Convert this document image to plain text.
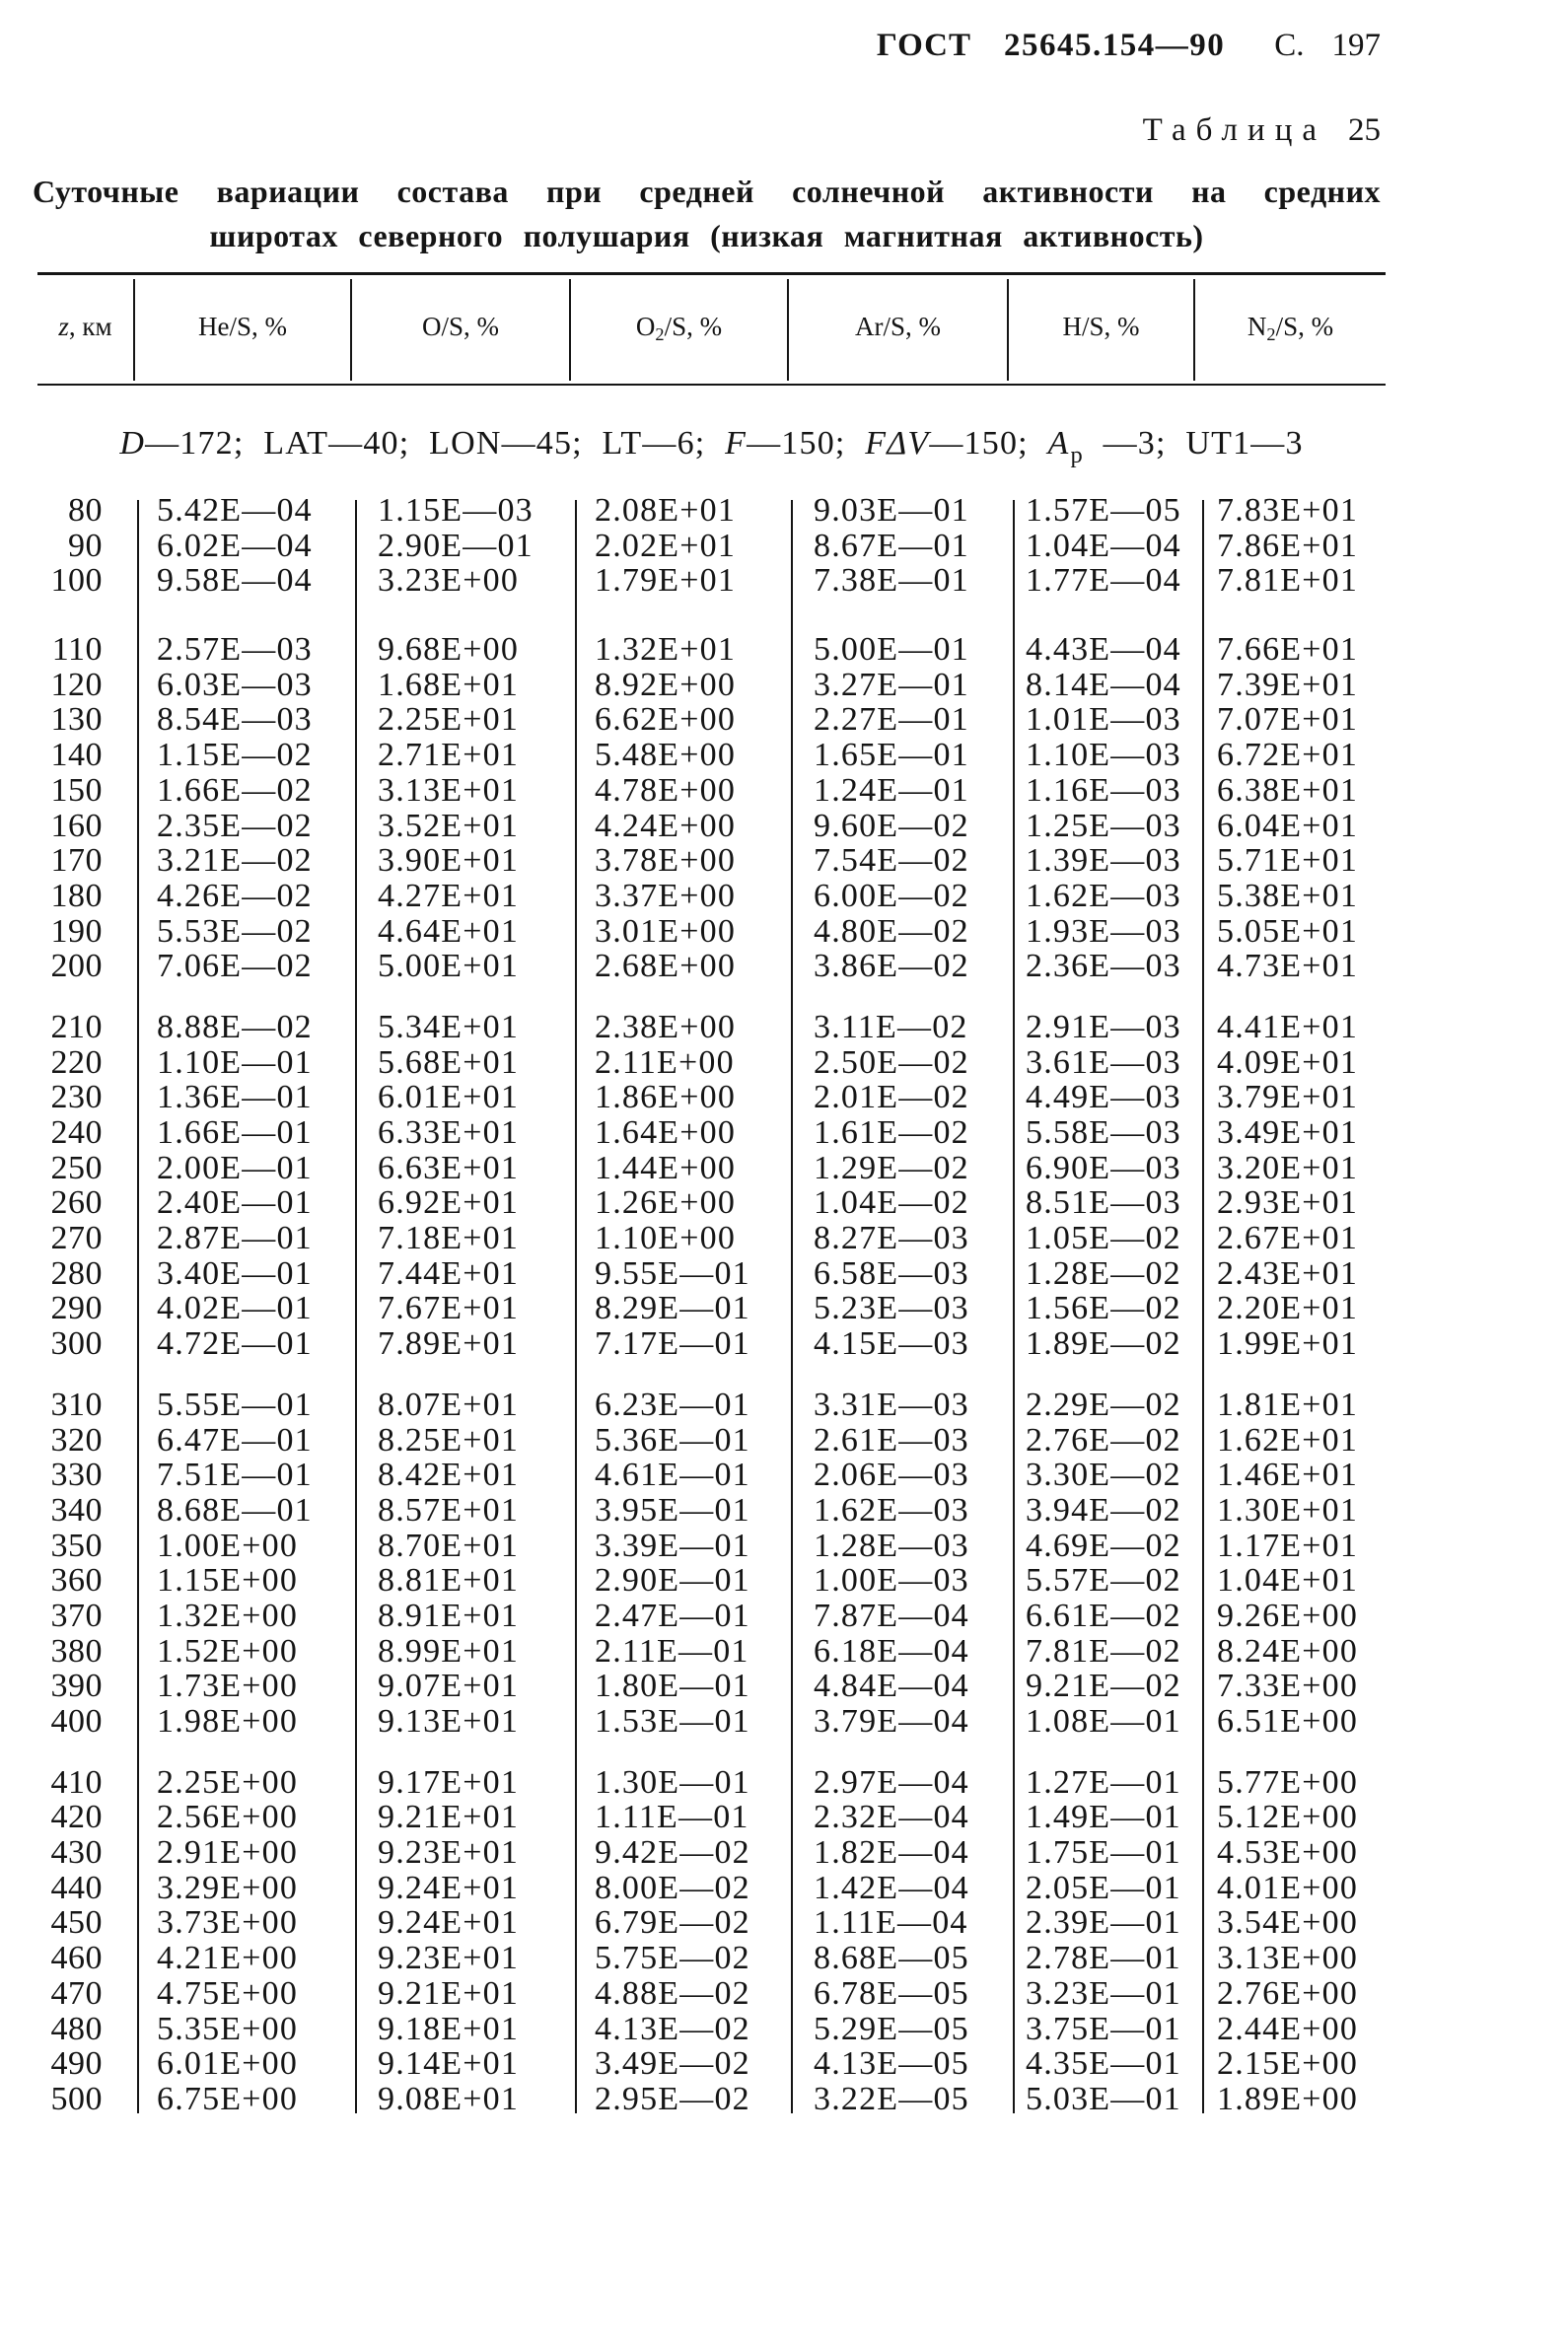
ГОСТ 25645.154—90 С. 197
Таблица 25
Суточные вариации состава при средней солнечной активности на средних
широтах северного полушария (низкая магнитная активность)
z, км	He/S, %	O/S, %	$O_2/S$, %	Ar/S, %	H/S, %	$N_2/S$, %
D—172; LAT—40; LON—45; LT—6; F—150; FΔV—150; $A_p$ —3; UT1—3
80 5.42E—04 1.15E—03 2.08E+01 9.03E—01 1.57E—05 7.83E+01
90 6.02E—04 2.90E—01 2.02E+01 8.67E—01 1.04E—04 7.86E+01
100 9.58E—04 3.23E+00 1.79E+01 7.38E—01 1.77E—04 7.81E+01
110 2.57E—03 9.68E+00 1.32E+01 5.00E—01 4.43E—04 7.66E+01
120 6.03E—03 1.68E+01 8.92E+00 3.27E—01 8.14E—04 7.39E+01
130 8.54E—03 2.25E+01 6.62E+00 2.27E—01 1.01E—03 7.07E+01
140 1.15E—02 2.71E+01 5.48E+00 1.65E—01 1.10E—03 6.72E+01
150 1.66E—02 3.13E+01 4.78E+00 1.24E—01 1.16E—03 6.38E+01
160 2.35E—02 3.52E+01 4.24E+00 9.60E—02 1.25E—03 6.04E+01
170 3.21E—02 3.90E+01 3.78E+00 7.54E—02 1.39E—03 5.71E+01
180 4.26E—02 4.27E+01 3.37E+00 6.00E—02 1.62E—03 5.38E+01
190 5.53E—02 4.64E+01 3.01E+00 4.80E—02 1.93E—03 5.05E+01
200 7.06E—02 5.00E+01 2.68E+00 3.86E—02 2.36E—03 4.73E+01
210 8.88E—02 5.34E+01 2.38E+00 3.11E—02 2.91E—03 4.41E+01
220 1.10E—01 5.68E+01 2.11E+00 2.50E—02 3.61E—03 4.09E+01
230 1.36E—01 6.01E+01 1.86E+00 2.01E—02 4.49E—03 3.79E+01
240 1.66E—01 6.33E+01 1.64E+00 1.61E—02 5.58E—03 3.49E+01
250 2.00E—01 6.63E+01 1.44E+00 1.29E—02 6.90E—03 3.20E+01
260 2.40E—01 6.92E+01 1.26E+00 1.04E—02 8.51E—03 2.93E+01
270 2.87E—01 7.18E+01 1.10E+00 8.27E—03 1.05E—02 2.67E+01
280 3.40E—01 7.44E+01 9.55E—01 6.58E—03 1.28E—02 2.43E+01
290 4.02E—01 7.67E+01 8.29E—01 5.23E—03 1.56E—02 2.20E+01
300 4.72E—01 7.89E+01 7.17E—01 4.15E—03 1.89E—02 1.99E+01
310 5.55E—01 8.07E+01 6.23E—01 3.31E—03 2.29E—02 1.81E+01
320 6.47E—01 8.25E+01 5.36E—01 2.61E—03 2.76E—02 1.62E+01
330 7.51E—01 8.42E+01 4.61E—01 2.06E—03 3.30E—02 1.46E+01
340 8.68E—01 8.57E+01 3.95E—01 1.62E—03 3.94E—02 1.30E+01
350 1.00E+00 8.70E+01 3.39E—01 1.28E—03 4.69E—02 1.17E+01
360 1.15E+00 8.81E+01 2.90E—01 1.00E—03 5.57E—02 1.04E+01
370 1.32E+00 8.91E+01 2.47E—01 7.87E—04 6.61E—02 9.26E+00
380 1.52E+00 8.99E+01 2.11E—01 6.18E—04 7.81E—02 8.24E+00
390 1.73E+00 9.07E+01 1.80E—01 4.84E—04 9.21E—02 7.33E+00
400 1.98E+00 9.13E+01 1.53E—01 3.79E—04 1.08E—01 6.51E+00
410 2.25E+00 9.17E+01 1.30E—01 2.97E—04 1.27E—01 5.77E+00
420 2.56E+00 9.21E+01 1.11E—01 2.32E—04 1.49E—01 5.12E+00
430 2.91E+00 9.23E+01 9.42E—02 1.82E—04 1.75E—01 4.53E+00
440 3.29E+00 9.24E+01 8.00E—02 1.42E—04 2.05E—01 4.01E+00
450 3.73E+00 9.24E+01 6.79E—02 1.11E—04 2.39E—01 3.54E+00
460 4.21E+00 9.23E+01 5.75E—02 8.68E—05 2.78E—01 3.13E+00
470 4.75E+00 9.21E+01 4.88E—02 6.78E—05 3.23E—01 2.76E+00
480 5.35E+00 9.18E+01 4.13E—02 5.29E—05 3.75E—01 2.44E+00
490 6.01E+00 9.14E+01 3.49E—02 4.13E—05 4.35E—01 2.15E+00
500 6.75E+00 9.08E+01 2.95E—02 3.22E—05 5.03E—01 1.89E+00
